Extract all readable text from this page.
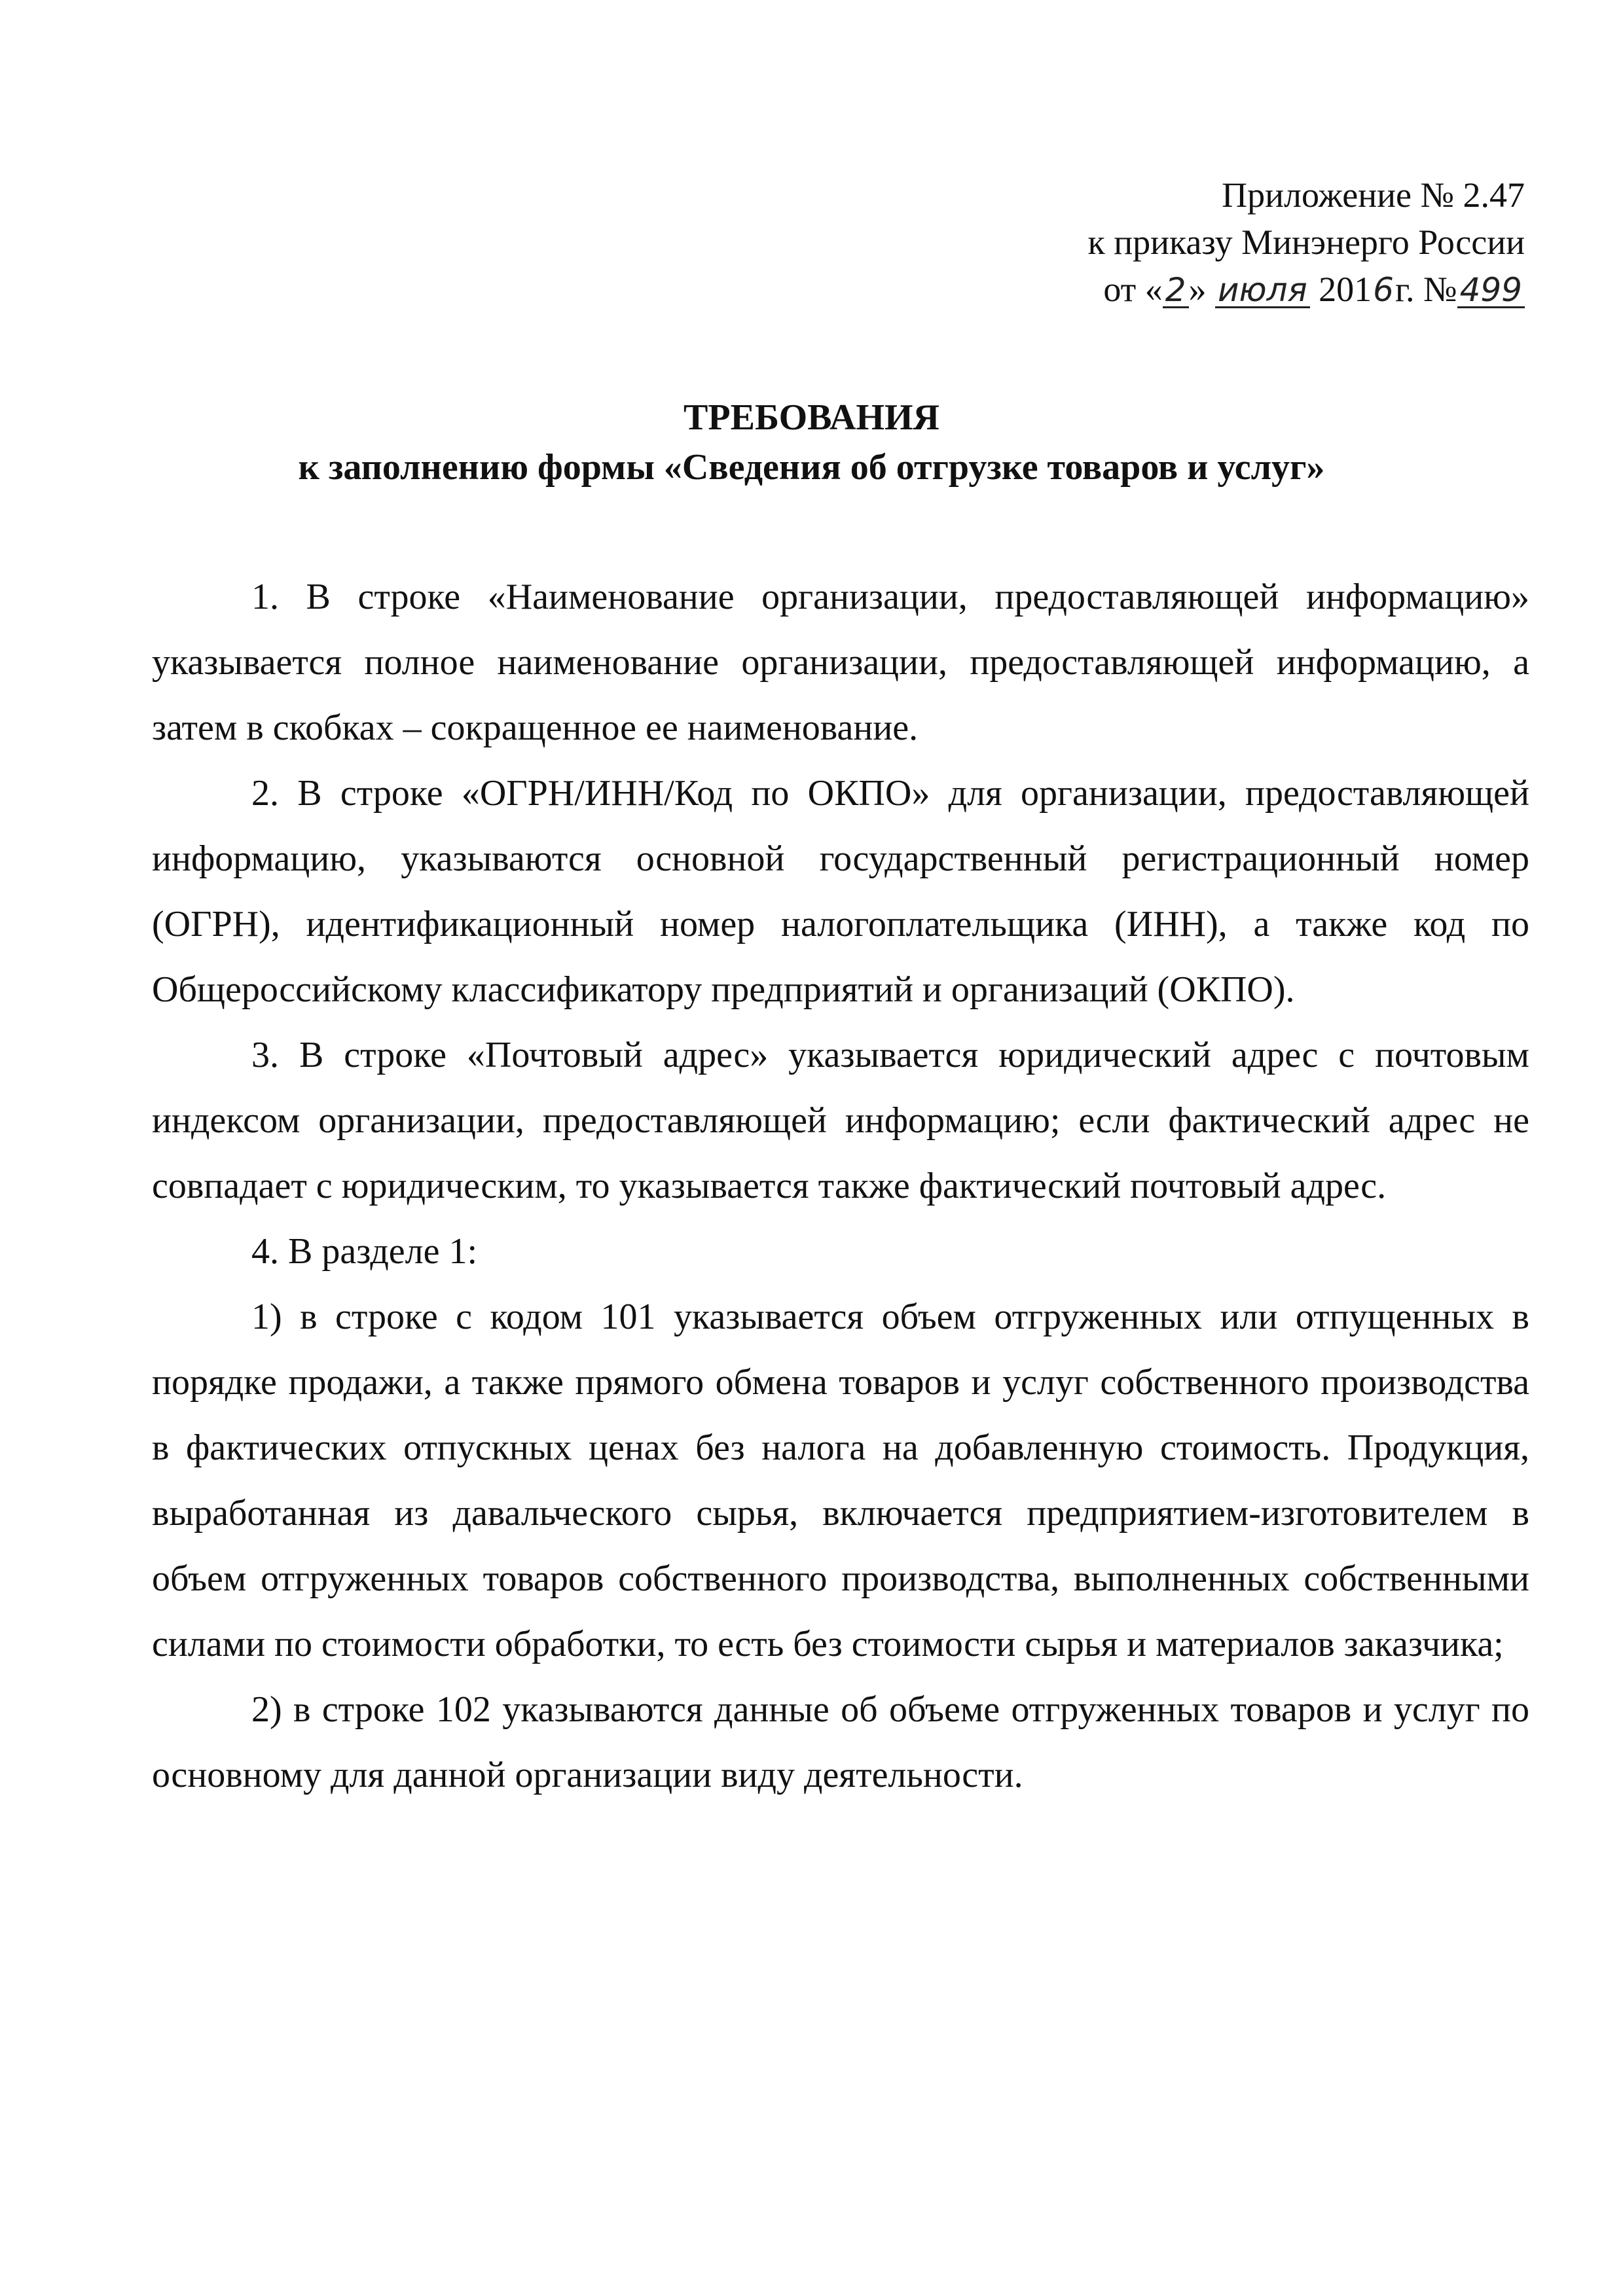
Приложение № 2.47
к приказу Минэнерго России
от «2» июля 2016г. №499
ТРЕБОВАНИЯ
к заполнению формы «Сведения об отгрузке товаров и услуг»

1. В строке «Наименование организации, предоставляющей информацию» указывается полное наименование организации, предоставляющей информацию, а затем в скобках – сокращенное ее наименование.

2. В строке «ОГРН/ИНН/Код по ОКПО» для организации, предоставляющей информацию, указываются основной государственный регистрационный номер (ОГРН), идентификационный номер налогоплательщика (ИНН), а также код по Общероссийскому классификатору предприятий и организаций (ОКПО).

3. В строке «Почтовый адрес» указывается юридический адрес с почтовым индексом организации, предоставляющей информацию; если фактический адрес не совпадает с юридическим, то указывается также фактический почтовый адрес.

4. В разделе 1:

1) в строке с кодом 101 указывается объем отгруженных или отпущенных в порядке продажи, а также прямого обмена товаров и услуг собственного производства в фактических отпускных ценах без налога на добавленную стоимость. Продукция, выработанная из давальческого сырья, включается предприятием-изготовителем в объем отгруженных товаров собственного производства, выполненных собственными силами по стоимости обработки, то есть без стоимости сырья и материалов заказчика;

2) в строке 102 указываются данные об объеме отгруженных товаров и услуг по основному для данной организации виду деятельности.
